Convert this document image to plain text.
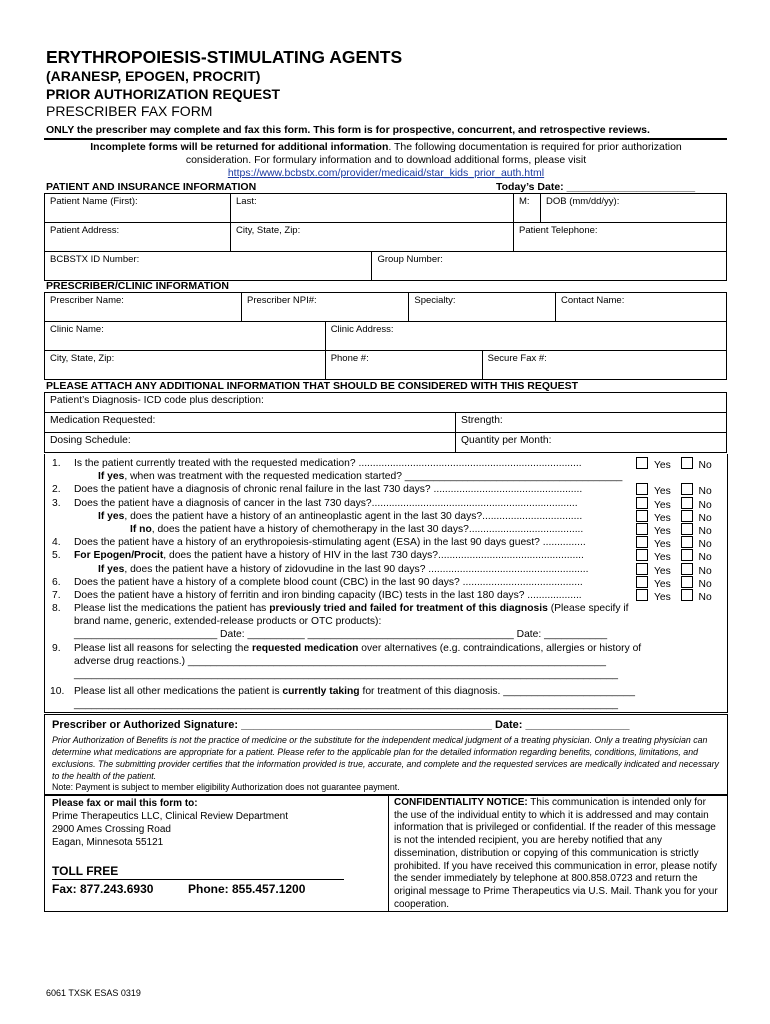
ERYTHROPOIESIS-STIMULATING AGENTS
(ARANESP, EPOGEN, PROCRIT)
PRIOR AUTHORIZATION REQUEST
PRESCRIBER FAX FORM
ONLY the prescriber may complete and fax this form. This form is for prospective, concurrent, and retrospective reviews.
Incomplete forms will be returned for additional information. The following documentation is required for prior authorization
consideration. For formulary information and to download additional forms, please visit
https://www.bcbstx.com/provider/medicaid/star_kids_prior_auth.html
PATIENT AND INSURANCE INFORMATION	Today’s Date: ______________________
Patient Name (First):	Last:		M:	DOB (mm/dd/yy):
Patient Address:	City, State, Zip:		Patient Telephone:	
BCBSTX ID Number:		Group Number:		
PRESCRIBER/CLINIC INFORMATION
Prescriber Name:	Prescriber NPI#:		Specialty:		Contact Name:
Clinic Name:		Clinic Address:			
City, State, Zip:		Phone #:		Secure Fax #:	
PLEASE ATTACH ANY ADDITIONAL INFORMATION THAT SHOULD BE CONSIDERED WITH THIS REQUEST
Patient’s Diagnosis- ICD code plus description:	
Medication Requested:	Strength:
Dosing Schedule:	Quantity per Month:
1. Is the patient currently treated with the requested medication? ..............................................................................	Yes	No
If yes, when was treatment with the requested medication started? ______________________________________
2. Does the patient have a diagnosis of chronic renal failure in the last 730 days? ....................................................	Yes	No
3. Does the patient have a diagnosis of cancer in the last 730 days?........................................................................	Yes	No
If yes, does the patient have a history of an antineoplastic agent in the last 30 days?...................................	Yes	No
If no, does the patient have a history of chemotherapy in the last 30 days?........................................	Yes	No
4. Does the patient have a history of an erythropoiesis-stimulating agent (ESA) in the last 90 days guest? ...............	Yes	No
5. For Epogen/Procit, does the patient have a history of HIV in the last 730 days?...................................................	Yes	No
If yes, does the patient have a history of zidovudine in the last 90 days? ........................................................	Yes	No
6. Does the patient have a history of a complete blood count (CBC) in the last 90 days? ..........................................	Yes	No
7. Does the patient have a history of ferritin and iron binding capacity (IBC) tests in the last 180 days? ...................	Yes	No
8. Please list the medications the patient has previously tried and failed for treatment of this diagnosis (Please specify if
brand name, generic, extended-release products or OTC products):
_________________________ Date: __________ ____________________________________ Date: ___________
9. Please list all reasons for selecting the requested medication over alternatives (e.g. contraindications, allergies or history of
adverse drug reactions.) _________________________________________________________________________
_______________________________________________________________________________________________
10. Please list all other medications the patient is currently taking for treatment of this diagnosis. _______________________
_______________________________________________________________________________________________
Prescriber or Authorized Signature: _________________________________________ Date: _________________
Prior Authorization of Benefits is not the practice of medicine or the substitute for the independent medical judgment of a treating physician. Only a treating physician can determine what medications are appropriate for a patient. Please refer to the applicable plan for the detailed information regarding benefits, conditions, limitations, and exclusions. The submitting provider certifies that the information provided is true, accurate, and complete and the requested services are medically indicated and necessary to the health of the patient.
Note: Payment is subject to member eligibility Authorization does not guarantee payment.
Please fax or mail this form to:
Prime Therapeutics LLC, Clinical Review Department
2900 Ames Crossing Road
Eagan, Minnesota 55121
TOLL FREE
Fax: 877.243.6930	Phone: 855.457.1200
CONFIDENTIALITY NOTICE: This communication is intended only for the use of the individual entity to which it is addressed and may contain information that is privileged or confidential. If the reader of this message is not the intended recipient, you are hereby notified that any dissemination, distribution or copying of this communication is strictly prohibited. If you have received this communication in error, please notify the sender immediately by telephone at 800.858.0723 and return the original message to Prime Therapeutics via U.S. Mail. Thank you for your cooperation.
6061 TXSK ESAS 0319
